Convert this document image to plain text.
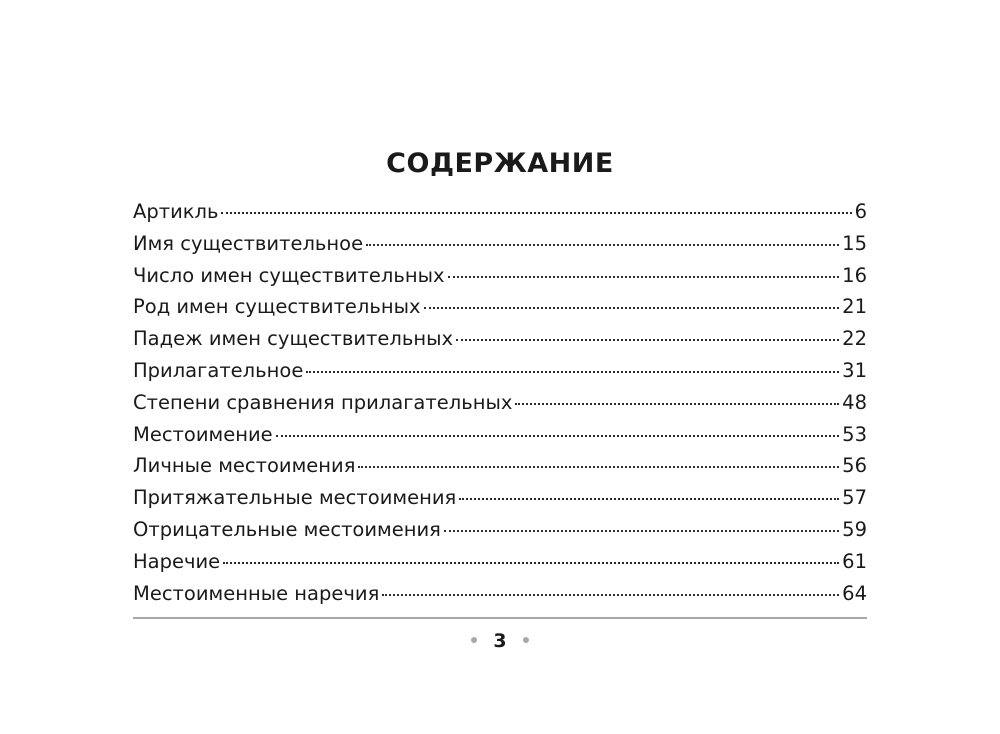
СОДЕРЖАНИЕ
Артикль	6
Имя существительное	15
Число имен существительных	16
Род имен существительных	21
Падеж имен существительных	22
Прилагательное	31
Степени сравнения прилагательных	48
Местоимение	53
Личные местоимения	56
Притяжательные местоимения	57
Отрицательные местоимения	59
Наречие	61
Местоименные наречия	64
3
